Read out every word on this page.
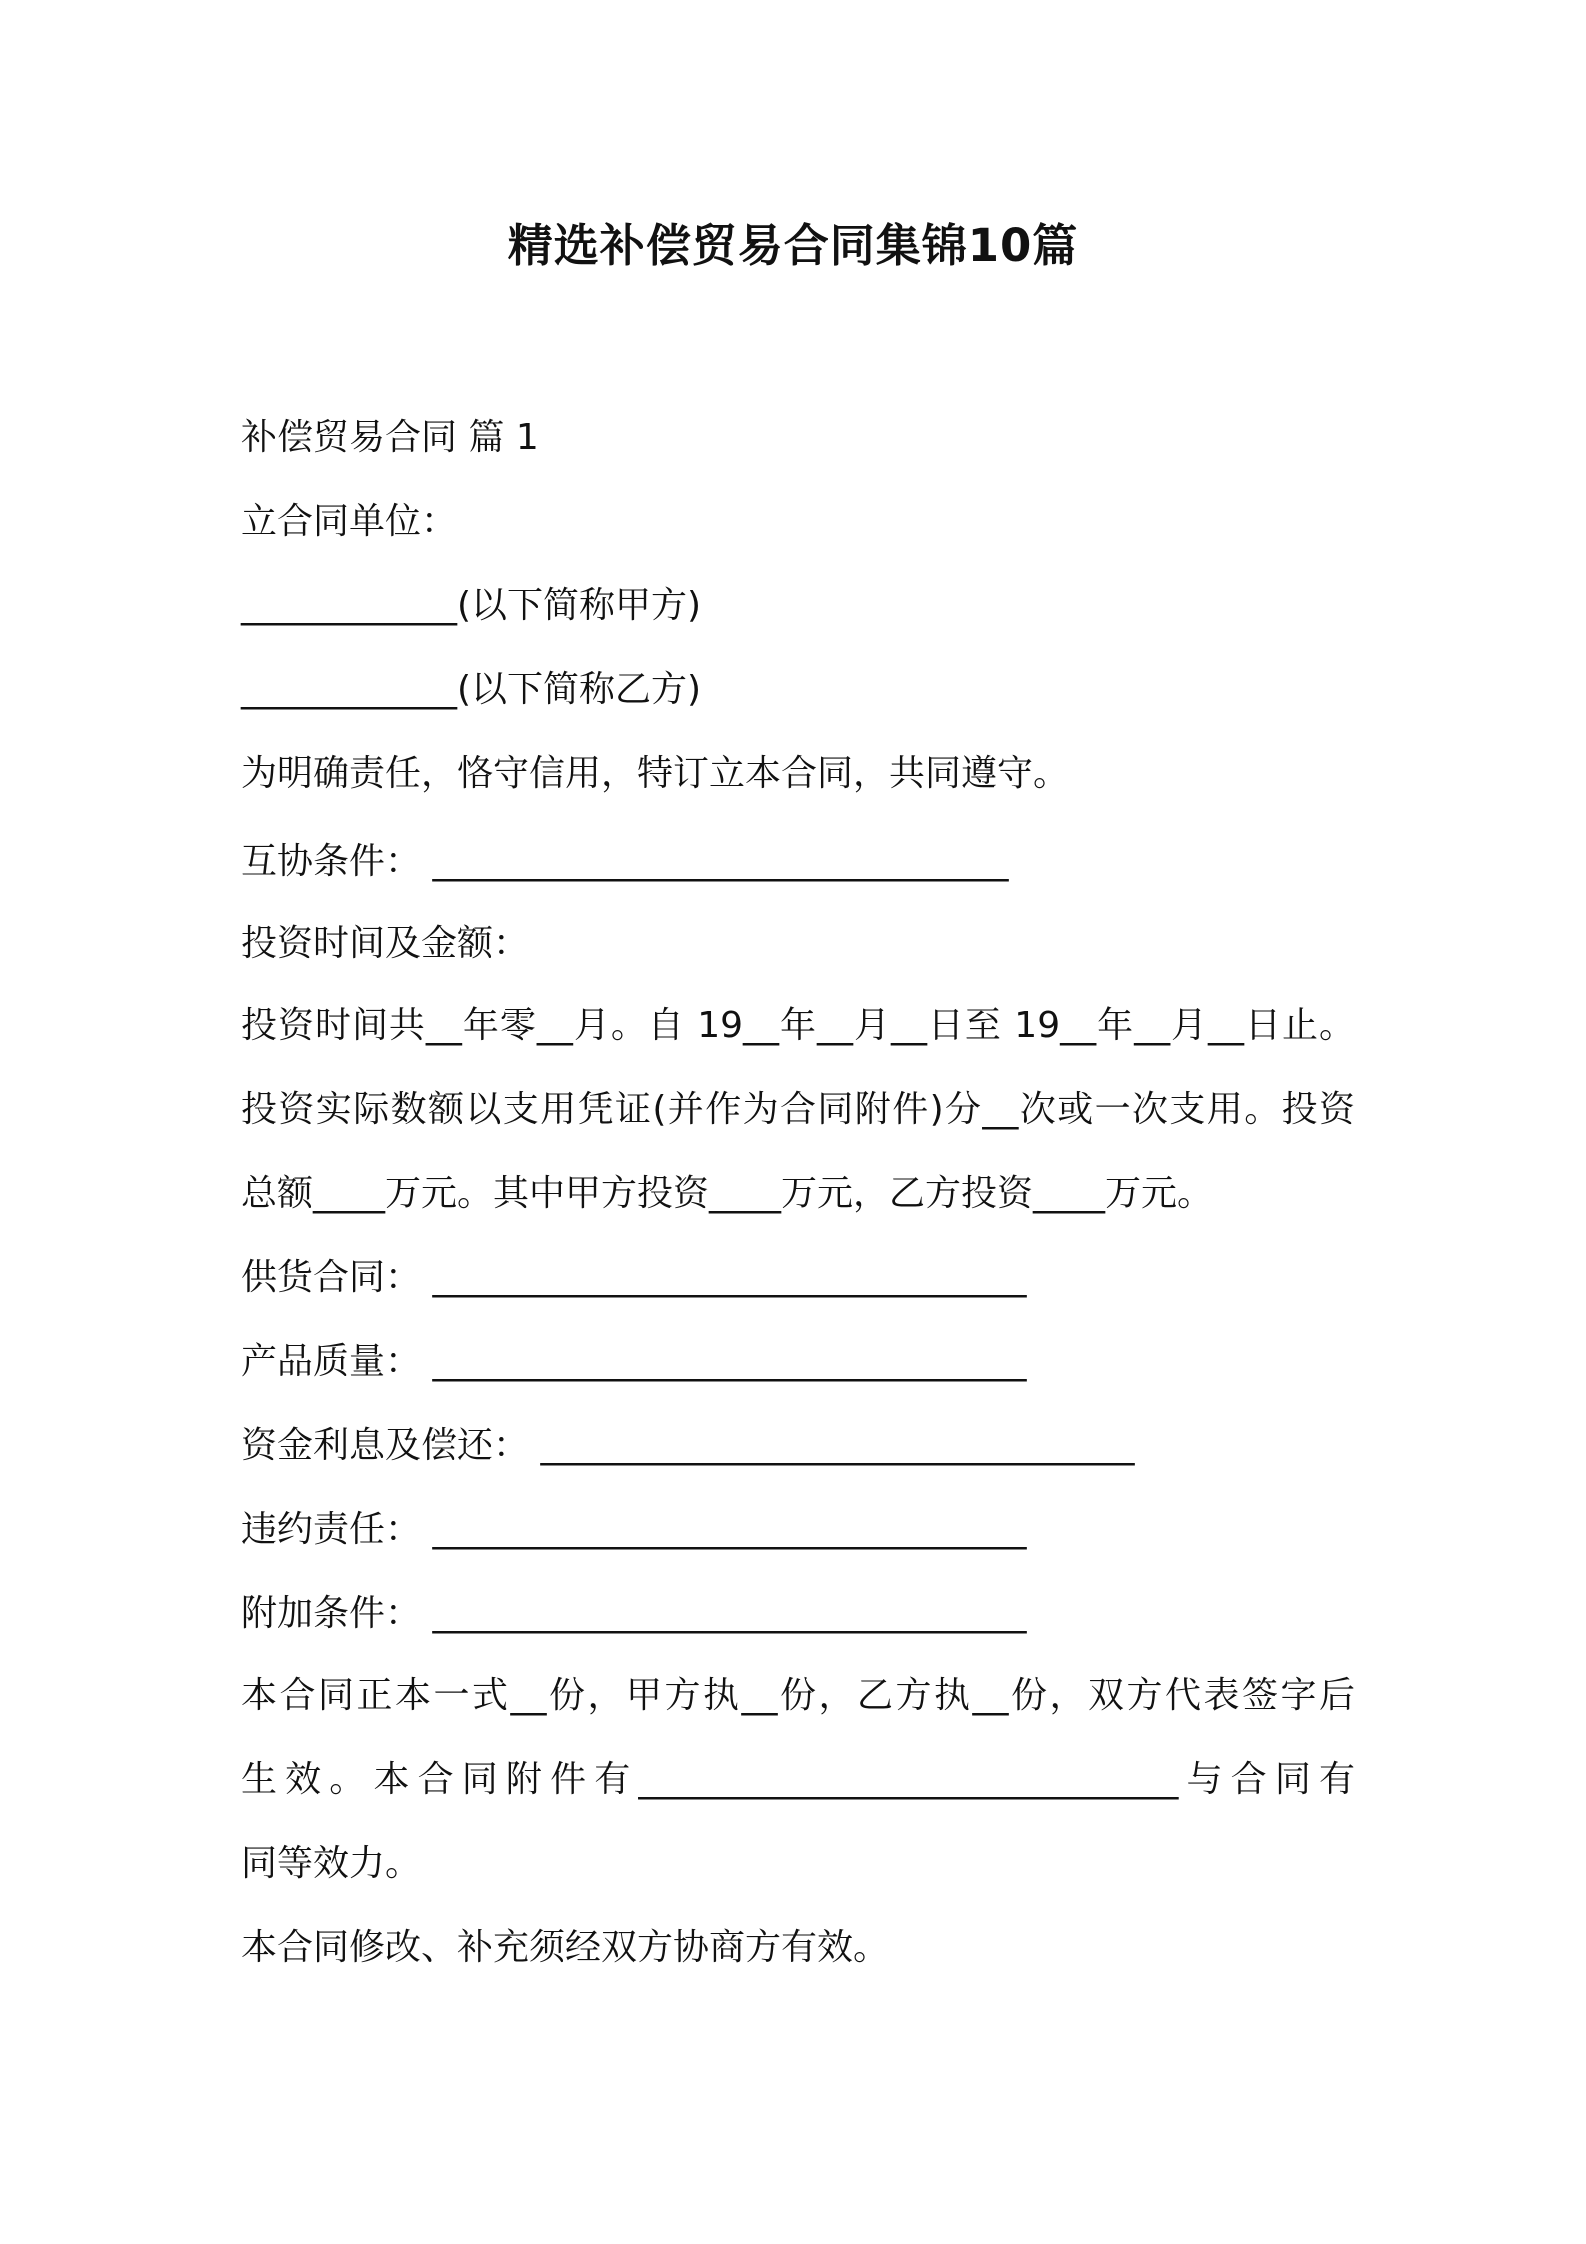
精选补偿贸易合同集锦10篇
补偿贸易合同 篇 1
立合同单位：
____________(以下简称甲方)
____________(以下简称乙方)
为明确责任，恪守信用，特订立本合同，共同遵守。
互协条件： ________________________________
投资时间及金额：
投资时间共__年零__月。自 19__年__月__日至 19__年__月__日止。
投资实际数额以支用凭证(并作为合同附件)分__次或一次支用。投资
总额____万元。其中甲方投资____万元，乙方投资____万元。
供货合同： _________________________________
产品质量： _________________________________
资金利息及偿还： _________________________________
违约责任： _________________________________
附加条件： _________________________________
本合同正本一式__份，甲方执__份，乙方执__份，双方代表签字后
生效。本合同附件有______________________________与合同有
同等效力。
本合同修改、补充须经双方协商方有效。
